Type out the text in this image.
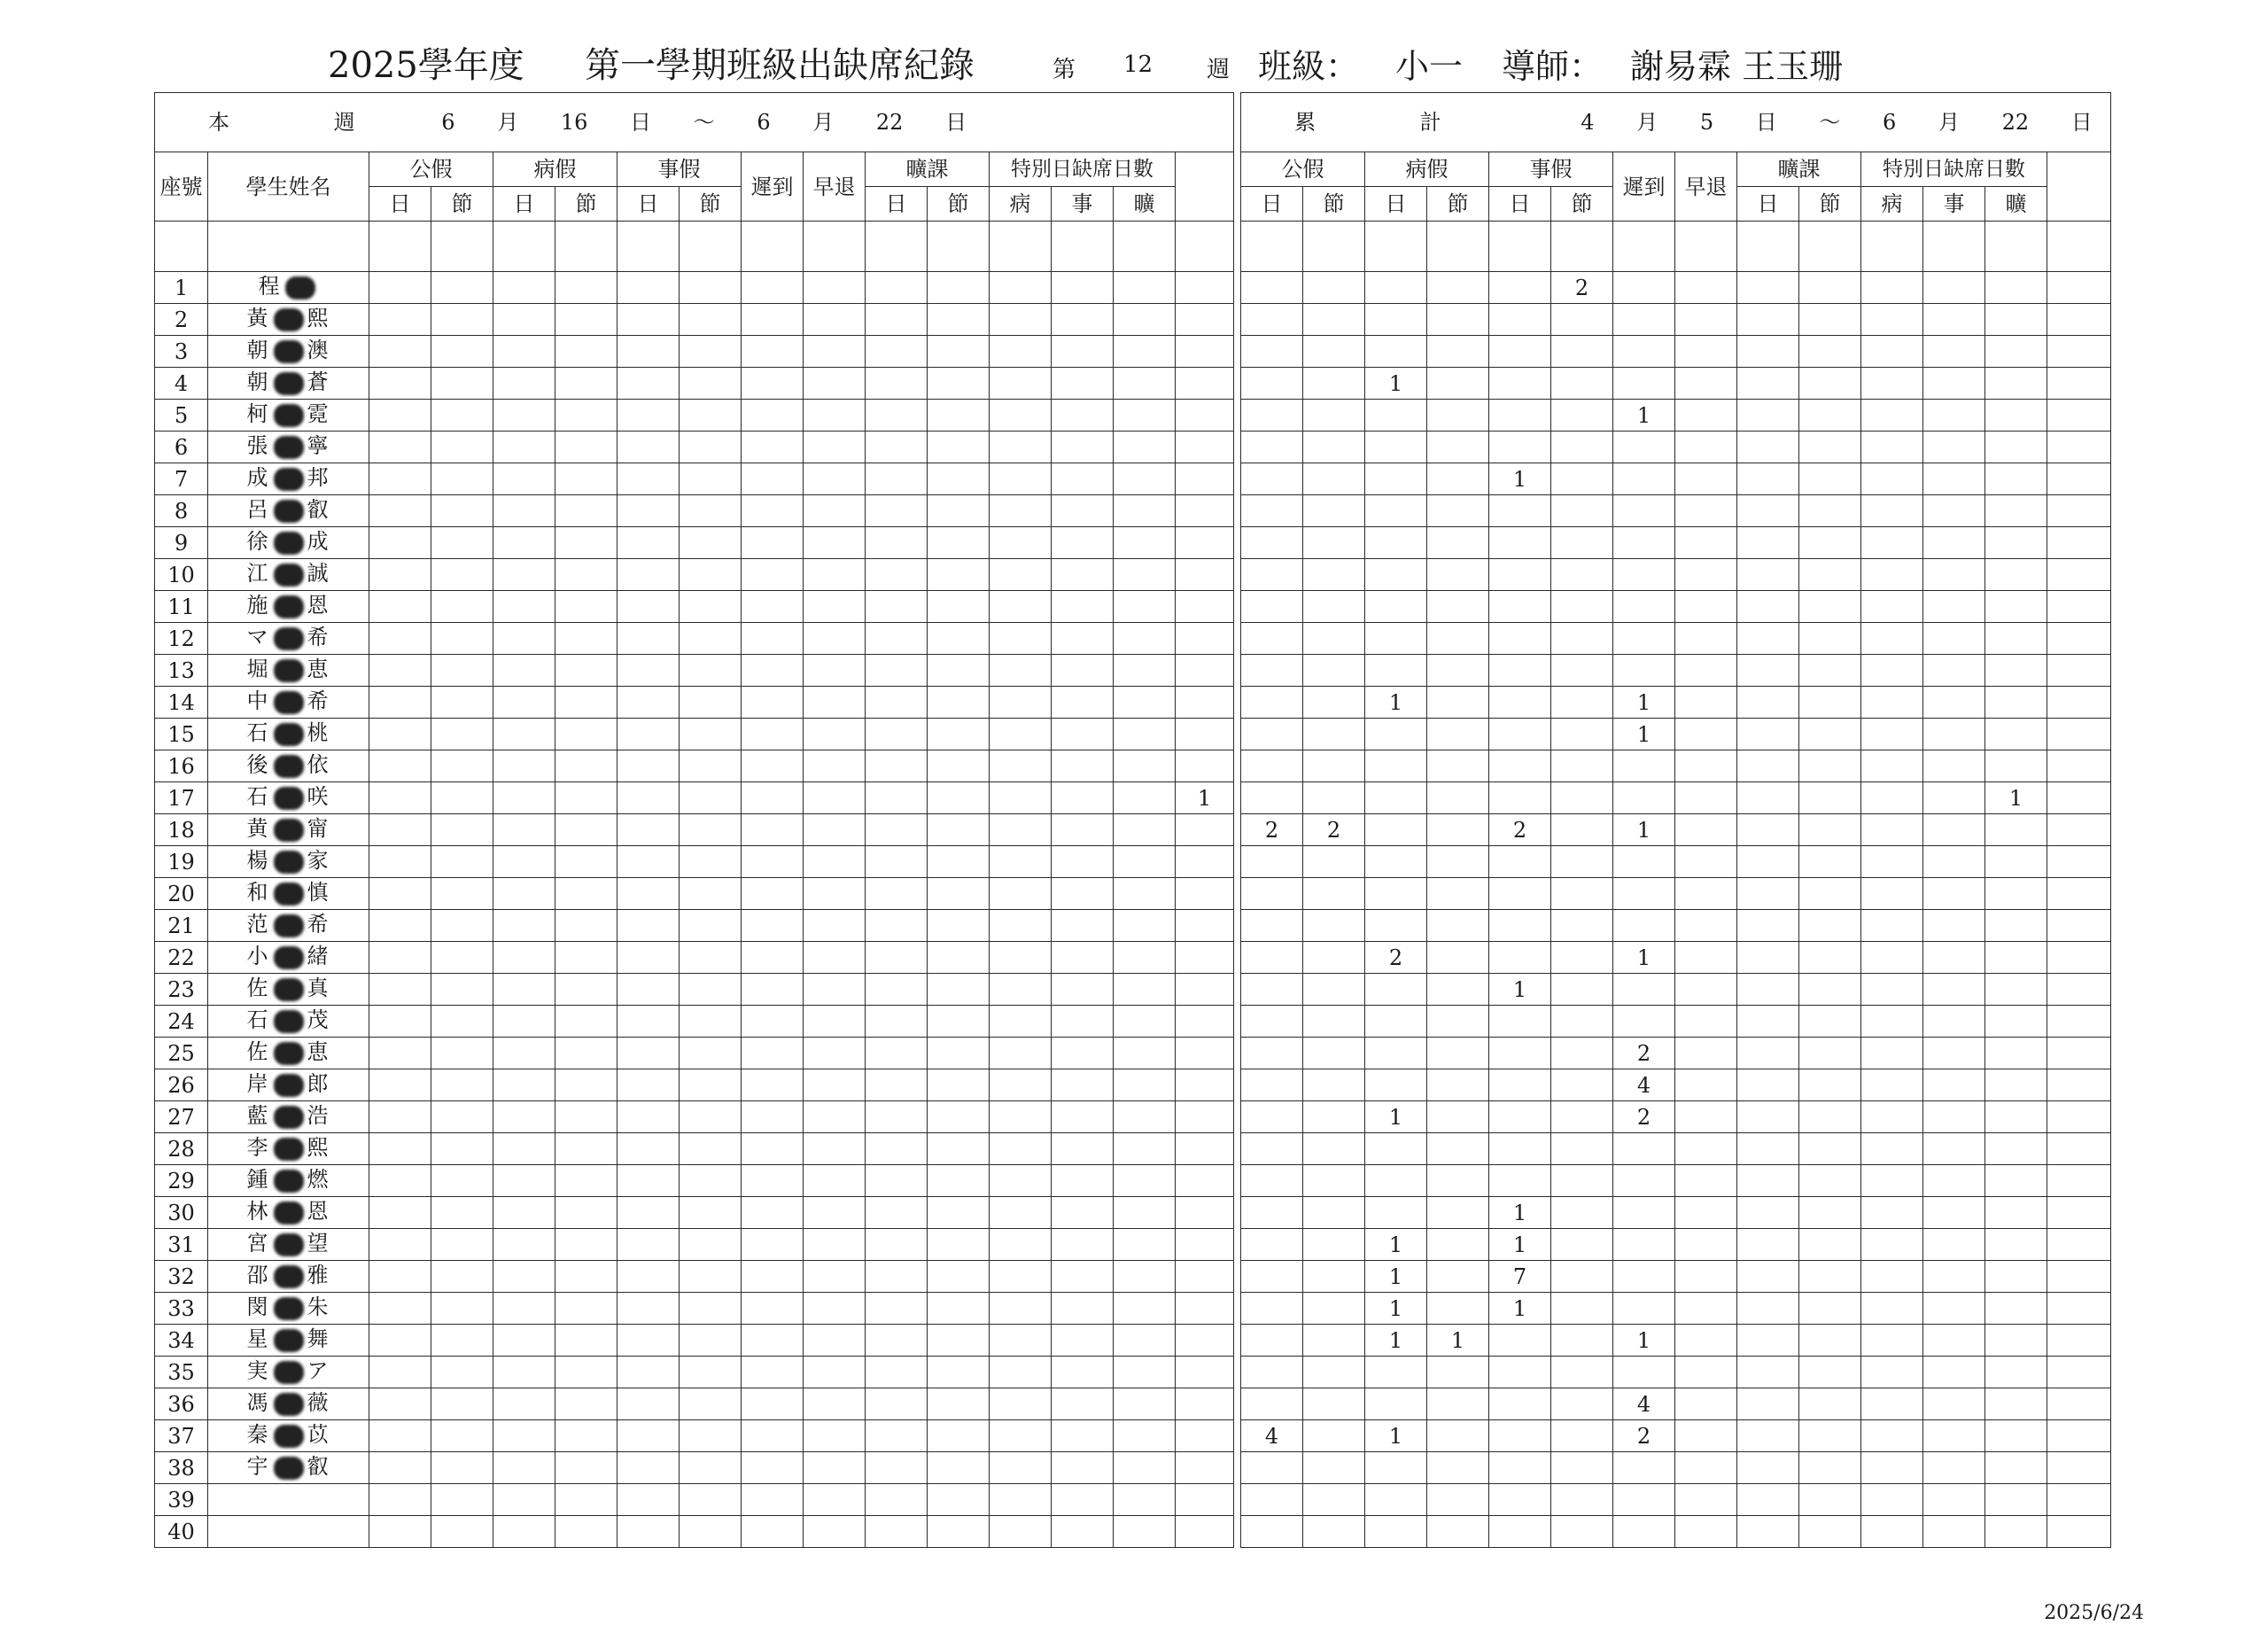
2025學年度 第一學期班級出缺席紀錄	第 12 週 班級： 小一 導師： 謝易霖 王玉珊
本 週 6 月 16 日 ～ 6 月 22 日															
座號	學生姓名	公假		病假		事假		遲到	早退	曠課		特別日缺席日數			
		日	節	日	節	日	節			日	節	病	事	曠	

1	程														
2	黃 熙														
3	朝 澳														
4	朝 蒼														
5	柯 霓														
6	張 寧														
7	成 邦														
8	呂 叡														
9	徐 成														
10	江 誠														
11	施 恩														
12	マ 希														
13	堀 恵														
14	中 希														
15	石 桃														
16	後 依														
17	石 咲														1
18	黄 甯														
19	楊 家														
20	和 慎														
21	范 希														
22	小 緒														
23	佐 真														
24	石 茂														
25	佐 恵														
26	岸 郎														
27	藍 浩														
28	李 熙														
29	鍾 燃														
30	林 恩														
31	宮 望														
32	邵 雅														
33	閔 朱														
34	星 舞														
35	実 ア														
36	馮 薇														
37	秦 苡														
38	宇 叡														
39															
40															
累 計 4 月 5 日 ～ 6 月 22 日													
公假		病假		事假		遲到	早退	曠課		特別日缺席日數			
日	節	日	節	日	節			日	節	病	事	曠	

					2								

		1											
						1							

				1									

		1				1							
						1							

												1	
2	2			2		1							

		2				1							
				1									

						2							
						4							
		1				2							

				1									
		1		1									
		1		7									
		1		1									
		1	1			1							

						4							
4		1				2							

2025/6/24
